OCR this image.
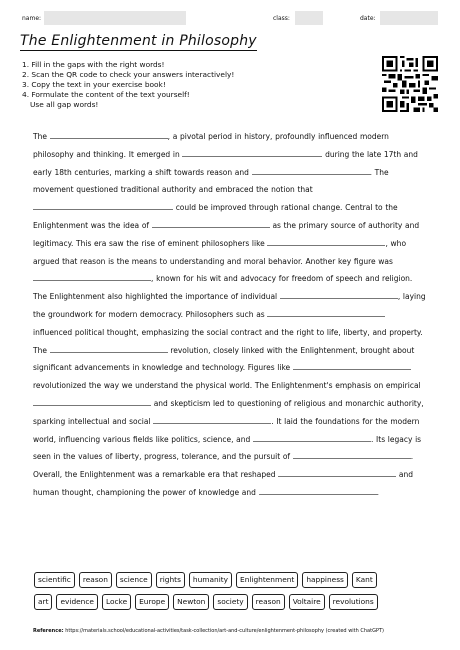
name:	class:	date:
The Enlightenment in Philosophy
1. Fill in the gaps with the right words!
2. Scan the QR code to check your answers interactively!
3. Copy the text in your exercise book!
4. Formulate the content of the text yourself!
Use all gap words!
The	, a pivotal period in history, profoundly influenced modern philosophy and thinking. It emerged in	during the late 17th and early 18th centuries, marking a shift towards reason and	. The movement questioned traditional authority and embraced the notion that  could be improved through rational change. Central to the Enlightenment was the idea of	as the primary source of authority and legitimacy. This era saw the rise of eminent philosophers like	, who argued that reason is the means to understanding and moral behavior. Another key figure was , known for his wit and advocacy for freedom of speech and religion. The Enlightenment also highlighted the importance of individual	, laying the groundwork for modern democracy. Philosophers such as  influenced political thought, emphasizing the social contract and the right to life, liberty, and property. The	revolution, closely linked with the Enlightenment, brought about significant advancements in knowledge and technology. Figures like  revolutionized the way we understand the physical world. The Enlightenment's emphasis on empirical  and skepticism led to questioning of religious and monarchic authority, sparking intellectual and social	. It laid the foundations for the modern world, influencing various fields like politics, science, and	. Its legacy is seen in the values of liberty, progress, tolerance, and the pursuit of	. Overall, the Enlightenment was a remarkable era that reshaped	and human thought, championing the power of knowledge and	.
scientific	reason	science	rights	humanity	Enlightenment	happiness	Kant
art	evidence	Locke	Europe	Newton	society	reason	Voltaire	revolutions
Reference: https://materials.school/educational-activities/task-collection/art-and-culture/enlightenment-philosophy (created with ChatGPT)
